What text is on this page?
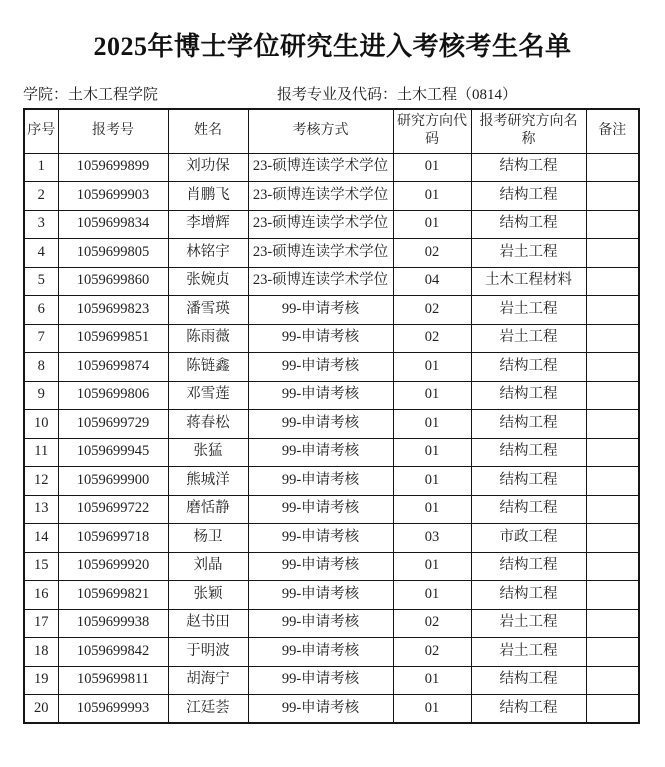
2025年博士学位研究生进入考核考生名单
学院：土木工程学院	报考专业及代码：土木工程（0814）
序号	报考号	姓名	考核方式	研究方向代码	报考研究方向名称	备注
1	1059699899	刘功保	23-硕博连读学术学位	01	结构工程	
2	1059699903	肖鹏飞	23-硕博连读学术学位	01	结构工程	
3	1059699834	李增辉	23-硕博连读学术学位	01	结构工程	
4	1059699805	林铭宇	23-硕博连读学术学位	02	岩土工程	
5	1059699860	张婉贞	23-硕博连读学术学位	04	土木工程材料	
6	1059699823	潘雪瑛	99-申请考核	02	岩土工程	
7	1059699851	陈雨薇	99-申请考核	02	岩土工程	
8	1059699874	陈链鑫	99-申请考核	01	结构工程	
9	1059699806	邓雪莲	99-申请考核	01	结构工程	
10	1059699729	蒋春松	99-申请考核	01	结构工程	
11	1059699945	张猛	99-申请考核	01	结构工程	
12	1059699900	熊城洋	99-申请考核	01	结构工程	
13	1059699722	磨恬静	99-申请考核	01	结构工程	
14	1059699718	杨卫	99-申请考核	03	市政工程	
15	1059699920	刘晶	99-申请考核	01	结构工程	
16	1059699821	张颖	99-申请考核	01	结构工程	
17	1059699938	赵书田	99-申请考核	02	岩土工程	
18	1059699842	于明波	99-申请考核	02	岩土工程	
19	1059699811	胡海宁	99-申请考核	01	结构工程	
20	1059699993	江廷荟	99-申请考核	01	结构工程	
